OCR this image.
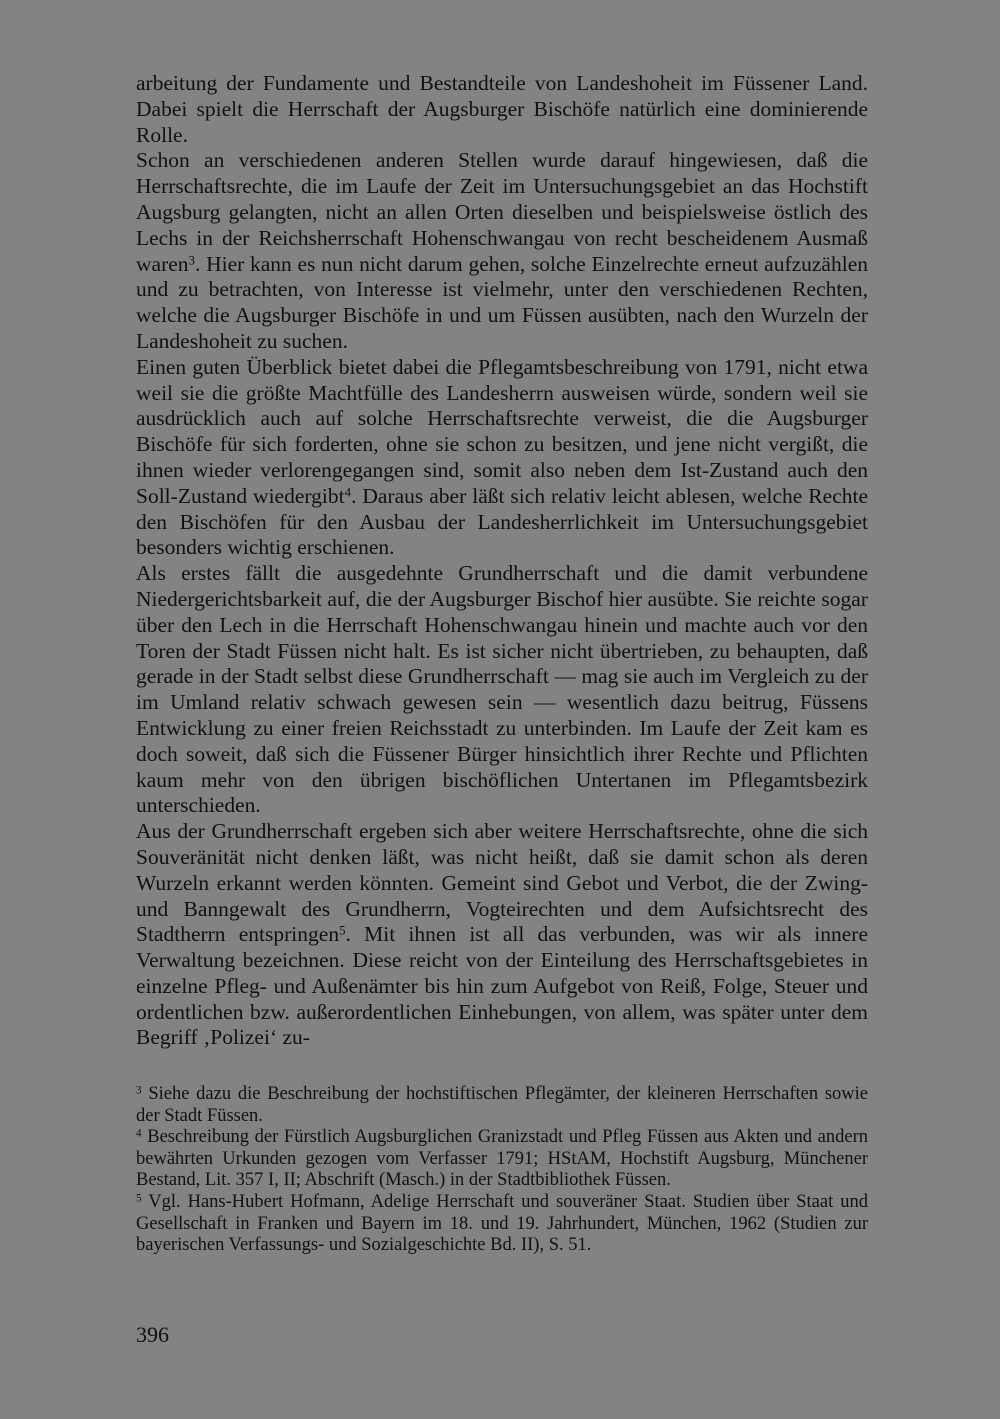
arbeitung der Fundamente und Bestandteile von Landeshoheit im Füssener Land. Dabei spielt die Herrschaft der Augsburger Bischöfe natürlich eine dominierende Rolle.

Schon an verschiedenen anderen Stellen wurde darauf hingewiesen, daß die Herrschaftsrechte, die im Laufe der Zeit im Untersuchungsgebiet an das Hochstift Augsburg gelangten, nicht an allen Orten dieselben und beispielsweise östlich des Lechs in der Reichsherrschaft Hohenschwangau von recht bescheidenem Ausmaß waren$^3$. Hier kann es nun nicht darum gehen, solche Einzelrechte erneut aufzuzählen und zu betrachten, von Interesse ist vielmehr, unter den verschiedenen Rechten, welche die Augsburger Bischöfe in und um Füssen ausübten, nach den Wurzeln der Landeshoheit zu suchen.

Einen guten Überblick bietet dabei die Pflegamtsbeschreibung von 1791, nicht etwa weil sie die größte Machtfülle des Landesherrn ausweisen würde, sondern weil sie ausdrücklich auch auf solche Herrschaftsrechte verweist, die die Augsburger Bischöfe für sich forderten, ohne sie schon zu besitzen, und jene nicht vergißt, die ihnen wieder verlorengegangen sind, somit also neben dem Ist-Zustand auch den Soll-Zustand wiedergibt$^4$. Daraus aber läßt sich relativ leicht ablesen, welche Rechte den Bischöfen für den Ausbau der Landesherrlichkeit im Untersuchungsgebiet besonders wichtig erschienen.

Als erstes fällt die ausgedehnte Grundherrschaft und die damit verbundene Niedergerichtsbarkeit auf, die der Augsburger Bischof hier ausübte. Sie reichte sogar über den Lech in die Herrschaft Hohenschwangau hinein und machte auch vor den Toren der Stadt Füssen nicht halt. Es ist sicher nicht übertrieben, zu behaupten, daß gerade in der Stadt selbst diese Grundherrschaft — mag sie auch im Vergleich zu der im Umland relativ schwach gewesen sein — wesentlich dazu beitrug, Füssens Entwicklung zu einer freien Reichsstadt zu unterbinden. Im Laufe der Zeit kam es doch soweit, daß sich die Füssener Bürger hinsichtlich ihrer Rechte und Pflichten kaum mehr von den übrigen bischöflichen Untertanen im Pflegamtsbezirk unterschieden.

Aus der Grundherrschaft ergeben sich aber weitere Herrschaftsrechte, ohne die sich Souveränität nicht denken läßt, was nicht heißt, daß sie damit schon als deren Wurzeln erkannt werden könnten. Gemeint sind Gebot und Verbot, die der Zwing- und Banngewalt des Grundherrn, Vogteirechten und dem Aufsichtsrecht des Stadtherrn entspringen$^5$. Mit ihnen ist all das verbunden, was wir als innere Verwaltung bezeichnen. Diese reicht von der Einteilung des Herrschaftsgebietes in einzelne Pfleg- und Außenämter bis hin zum Aufgebot von Reiß, Folge, Steuer und ordentlichen bzw. außerordentlichen Einhebungen, von allem, was später unter dem Begriff ‚Polizei‘ zu-

$^3$ Siehe dazu die Beschreibung der hochstiftischen Pflegämter, der kleineren Herrschaften sowie der Stadt Füssen.

$^4$ Beschreibung der Fürstlich Augsburglichen Granizstadt und Pfleg Füssen aus Akten und andern bewährten Urkunden gezogen vom Verfasser 1791; HStAM, Hochstift Augsburg, Münchener Bestand, Lit. 357 I, II; Abschrift (Masch.) in der Stadtbibliothek Füssen.

$^5$ Vgl. Hans-Hubert Hofmann, Adelige Herrschaft und souveräner Staat. Studien über Staat und Gesellschaft in Franken und Bayern im 18. und 19. Jahrhundert, München, 1962 (Studien zur bayerischen Verfassungs- und Sozialgeschichte Bd. II), S. 51.

396
